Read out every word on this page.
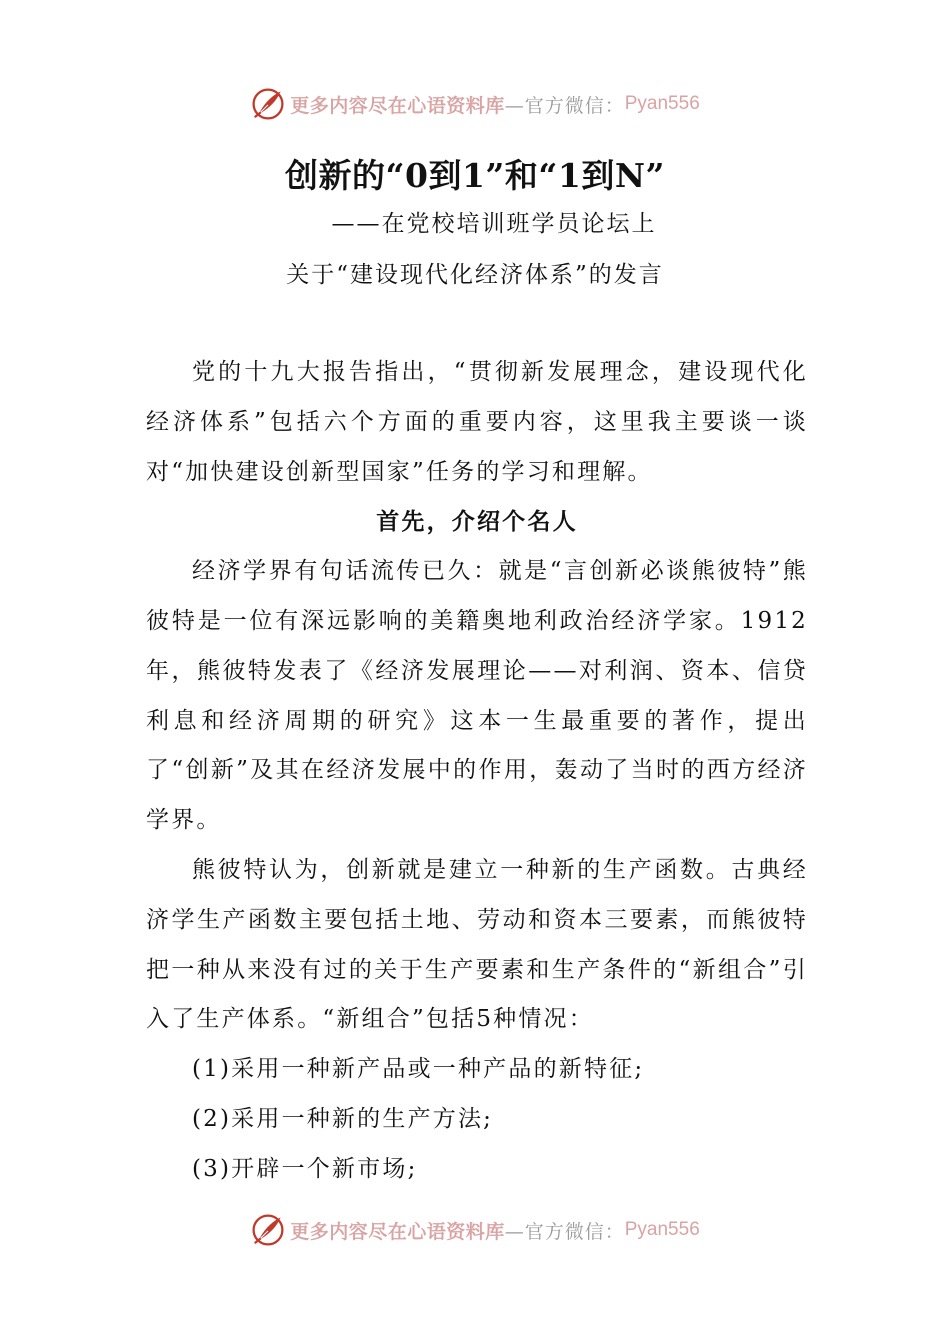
更多内容尽在心语资料库 —官方微信： Pyan556
创新的“0到1”和“1到N”
——在党校培训班学员论坛上
关于“建设现代化经济体系”的发言

党的十九大报告指出，“贯彻新发展理念，建设现代化经济体系”包括六个方面的重要内容，这里我主要谈一谈对“加快建设创新型国家”任务的学习和理解。

首先，介绍个名人

经济学界有句话流传已久：就是“言创新必谈熊彼特”熊彼特是一位有深远影响的美籍奥地利政治经济学家。1912年，熊彼特发表了《经济发展理论——对利润、资本、信贷利息和经济周期的研究》这本一生最重要的著作，提出了“创新”及其在经济发展中的作用，轰动了当时的西方经济学界。

熊彼特认为，创新就是建立一种新的生产函数。古典经济学生产函数主要包括土地、劳动和资本三要素，而熊彼特把一种从来没有过的关于生产要素和生产条件的“新组合”引入了生产体系。“新组合”包括5种情况：

(1)采用一种新产品或一种产品的新特征;
(2)采用一种新的生产方法;
(3)开辟一个新市场;
更多内容尽在心语资料库 —官方微信： Pyan556
